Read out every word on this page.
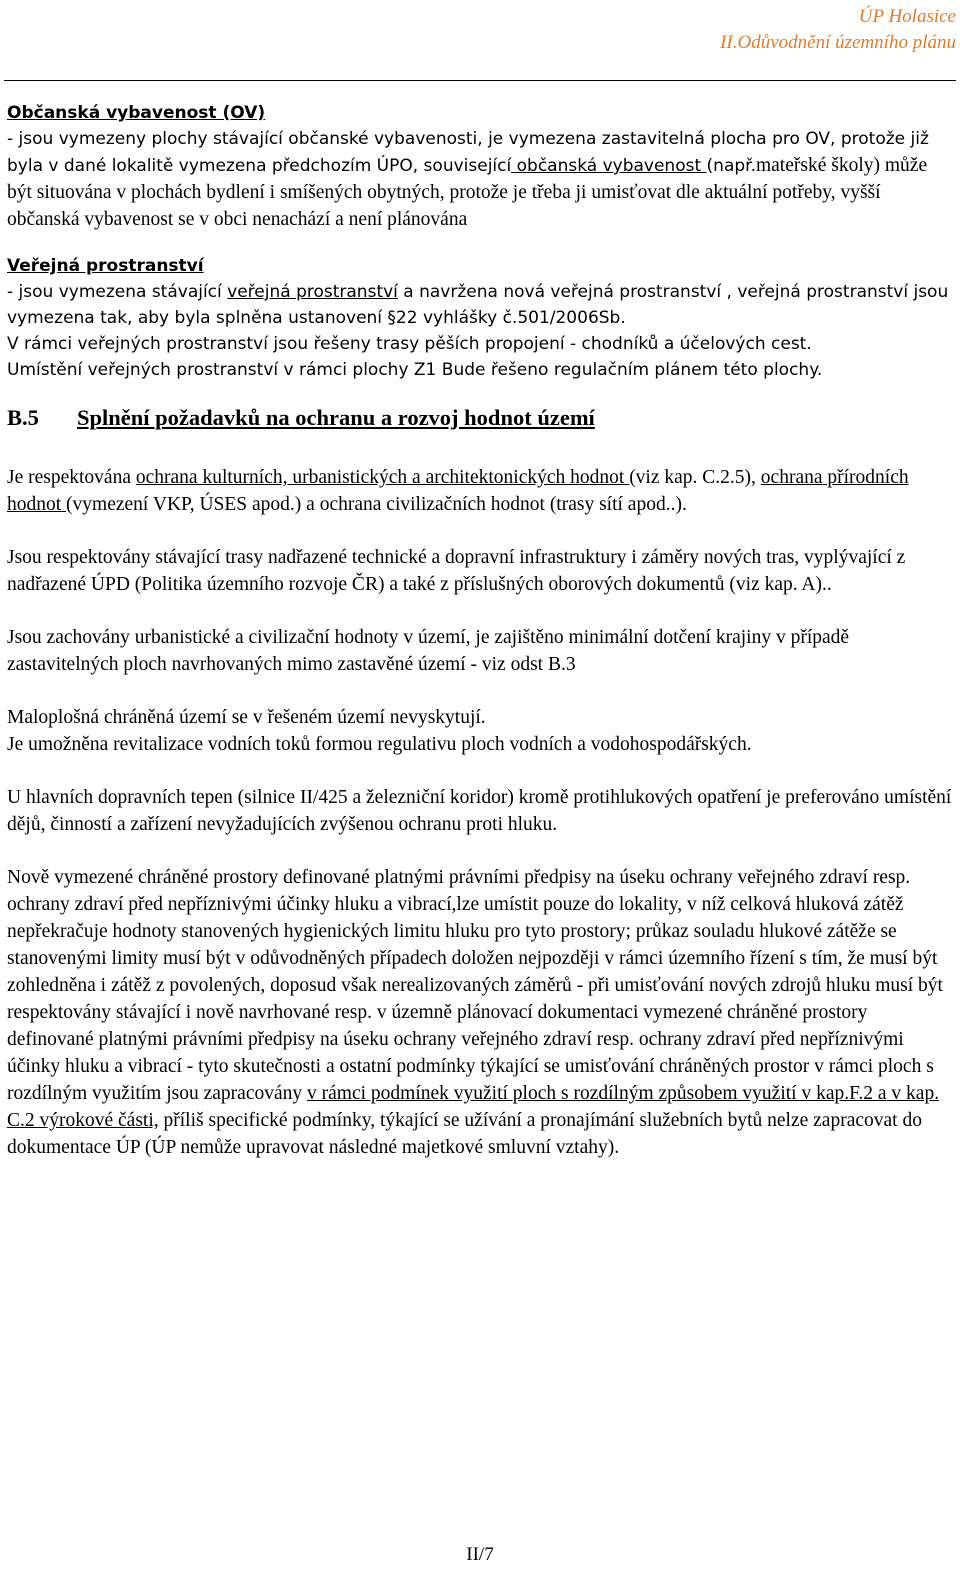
ÚP Holasice
II.Odůvodnění územního plánu

Občanská vybavenost (OV)

- jsou vymezeny plochy stávající občanské vybavenosti, je vymezena zastavitelná plocha pro OV, protože již byla v dané lokalitě vymezena předchozím ÚPO, související občanská vybavenost (např.mateřské školy) může být situována v plochách bydlení i smíšených obytných, protože je třeba ji umisťovat dle aktuální potřeby, vyšší občanská vybavenost se v obci nenachází a není plánována

Veřejná prostranství

- jsou vymezena stávající veřejná prostranství a navržena nová veřejná prostranství , veřejná prostranství jsou vymezena tak, aby byla splněna ustanovení §22 vyhlášky č.501/2006Sb.

V rámci veřejných prostranství jsou řešeny trasy pěších propojení - chodníků a účelových cest.

Umístění veřejných prostranství v rámci plochy Z1 Bude řešeno regulačním plánem této plochy.

B.5 Splnění požadavků na ochranu a rozvoj hodnot území

Je respektována ochrana kulturních, urbanistických a architektonických hodnot (viz kap. C.2.5), ochrana přírodních hodnot (vymezení VKP, ÚSES apod.) a ochrana civilizačních hodnot (trasy sítí apod..).

Jsou respektovány stávající trasy nadřazené technické a dopravní infrastruktury i záměry nových tras, vyplývající z nadřazené ÚPD (Politika územního rozvoje ČR) a také z příslušných oborových dokumentů (viz kap. A)..

Jsou zachovány urbanistické a civilizační hodnoty v území, je zajištěno minimální dotčení krajiny v případě zastavitelných ploch navrhovaných mimo zastavěné území - viz odst B.3

Maloplošná chráněná území se v řešeném území nevyskytují.

Je umožněna revitalizace vodních toků formou regulativu ploch vodních a vodohospodářských.

U hlavních dopravních tepen (silnice II/425 a železniční koridor) kromě protihlukových opatření je preferováno umístění dějů, činností a zařízení nevyžadujících zvýšenou ochranu proti hluku.

Nově vymezené chráněné prostory definované platnými právními předpisy na úseku ochrany veřejného zdraví resp. ochrany zdraví před nepříznivými účinky hluku a vibrací,lze umístit pouze do lokality, v níž celková hluková zátěž nepřekračuje hodnoty stanovených hygienických limitu hluku pro tyto prostory; průkaz souladu hlukové zátěže se stanovenými limity musí být v odůvodněných případech doložen nejpozději v rámci územního řízení s tím, že musí být zohledněna i zátěž z povolených, doposud však nerealizovaných záměrů - při umisťování nových zdrojů hluku musí být respektovány stávající i nově navrhované resp. v územně plánovací dokumentaci vymezené chráněné prostory definované platnými právními předpisy na úseku ochrany veřejného zdraví resp. ochrany zdraví před nepříznivými účinky hluku a vibrací - tyto skutečnosti a ostatní podmínky týkající se umisťování chráněných prostor v rámci ploch s rozdílným využitím jsou zapracovány v rámci podmínek využití ploch s rozdílným způsobem využití v kap.F.2 a v kap. C.2 výrokové části, příliš specifické podmínky, týkající se užívání a pronajímání služebních bytů nelze zapracovat do dokumentace ÚP (ÚP nemůže upravovat následné majetkové smluvní vztahy).

II/7
